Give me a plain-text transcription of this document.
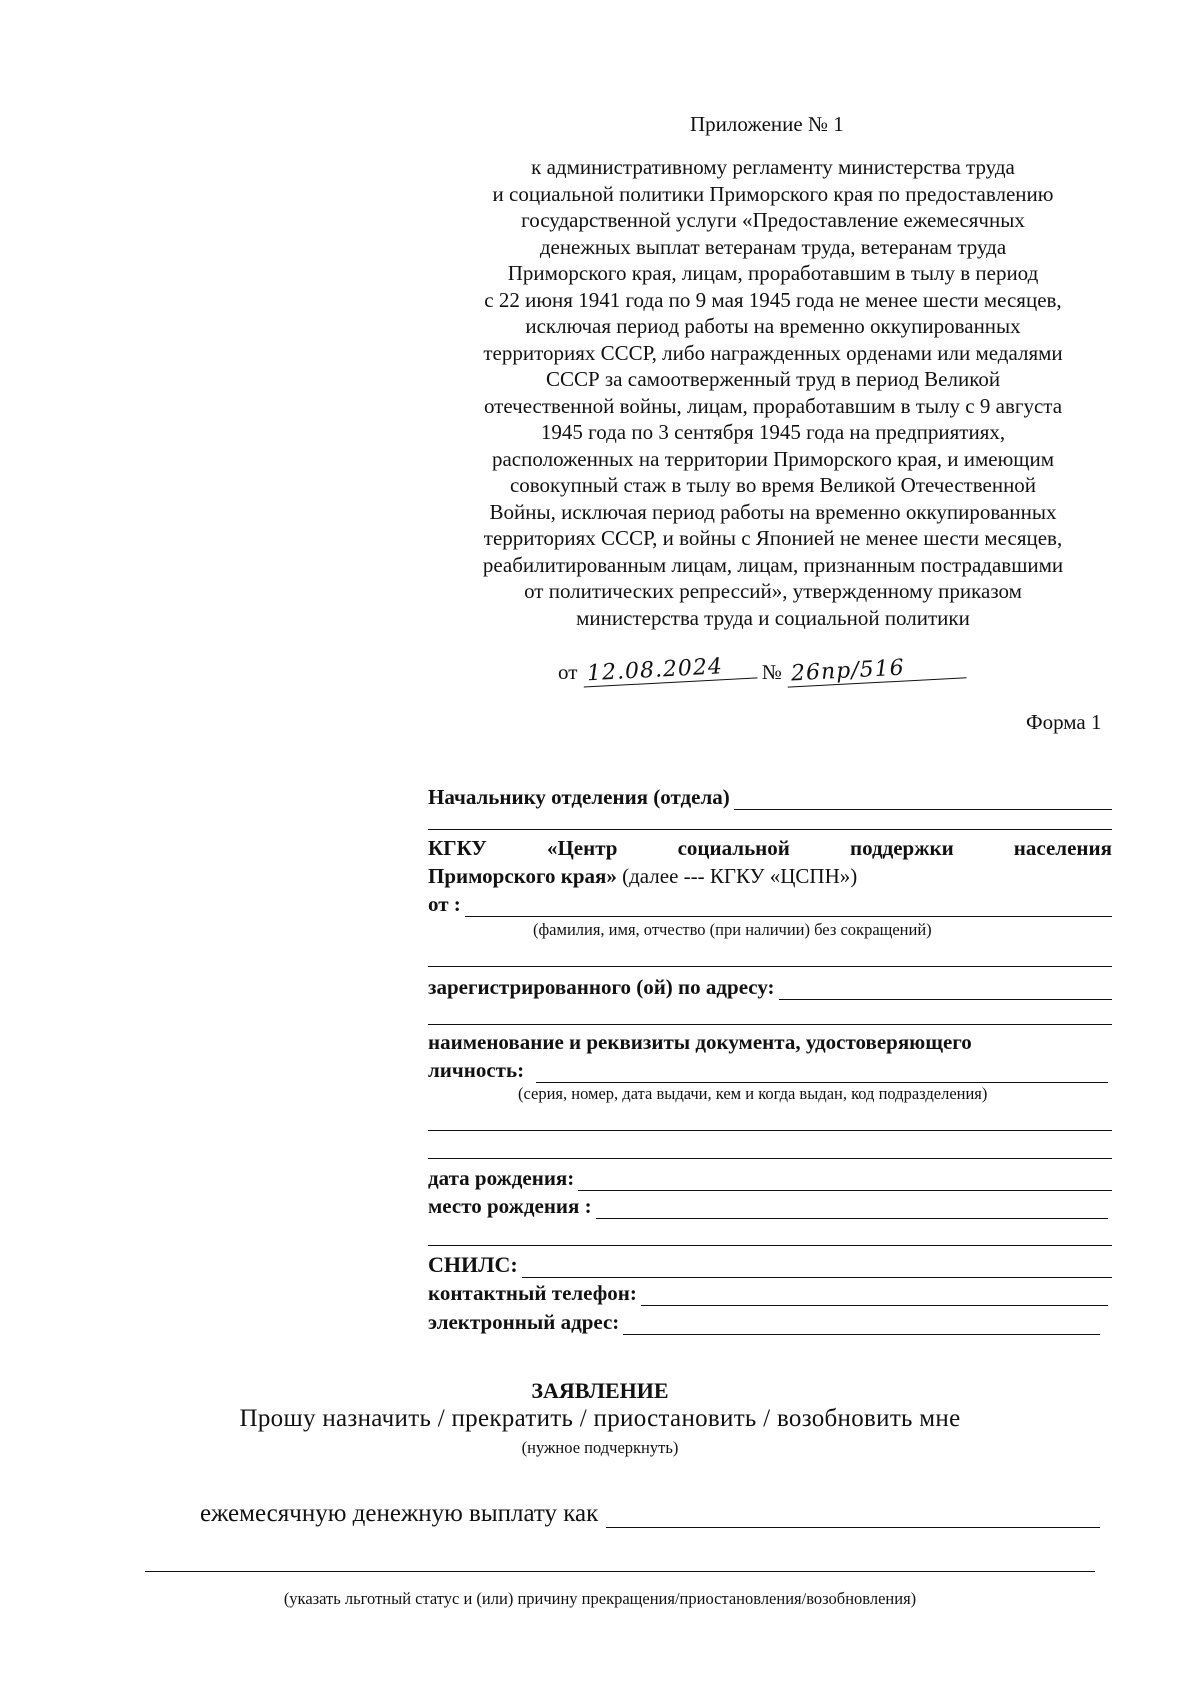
Приложение № 1
к административному регламенту министерства труда
и социальной политики Приморского края по предоставлению
государственной услуги «Предоставление ежемесячных
денежных выплат ветеранам труда, ветеранам труда
Приморского края, лицам, проработавшим в тылу в период
с 22 июня 1941 года по 9 мая 1945 года не менее шести месяцев,
исключая период работы на временно оккупированных
территориях СССР, либо награжденных орденами или медалями
СССР за самоотверженный труд в период Великой
отечественной войны, лицам, проработавшим в тылу с 9 августа
1945 года по 3 сентября 1945 года на предприятиях,
расположенных на территории Приморского края, и имеющим
совокупный стаж в тылу во время Великой Отечественной
Войны, исключая период работы на временно оккупированных
территориях СССР, и войны с Японией не менее шести месяцев,
реабилитированным лицам, лицам, признанным пострадавшими
от политических репрессий», утвержденному приказом
министерства труда и социальной политики
от 12.08.2024 № 26пр/516
Форма 1
Начальнику отделения (отдела)
КГКУ	«Центр	социальной	поддержки	населения
Приморского края» (далее --- КГКУ «ЦСПН»)
от :
(фамилия, имя, отчество (при наличии) без сокращений)
зарегистрированного (ой) по адресу:
наименование и реквизиты документа, удостоверяющего
личность:
(серия, номер, дата выдачи, кем и когда выдан, код подразделения)
дата рождения:
место рождения :
СНИЛС:
контактный телефон:
электронный адрес:
ЗАЯВЛЕНИЕ
Прошу назначить / прекратить / приостановить / возобновить мне
(нужное подчеркнуть)
ежемесячную денежную выплату как
(указать льготный статус и (или) причину прекращения/приостановления/возобновления)
